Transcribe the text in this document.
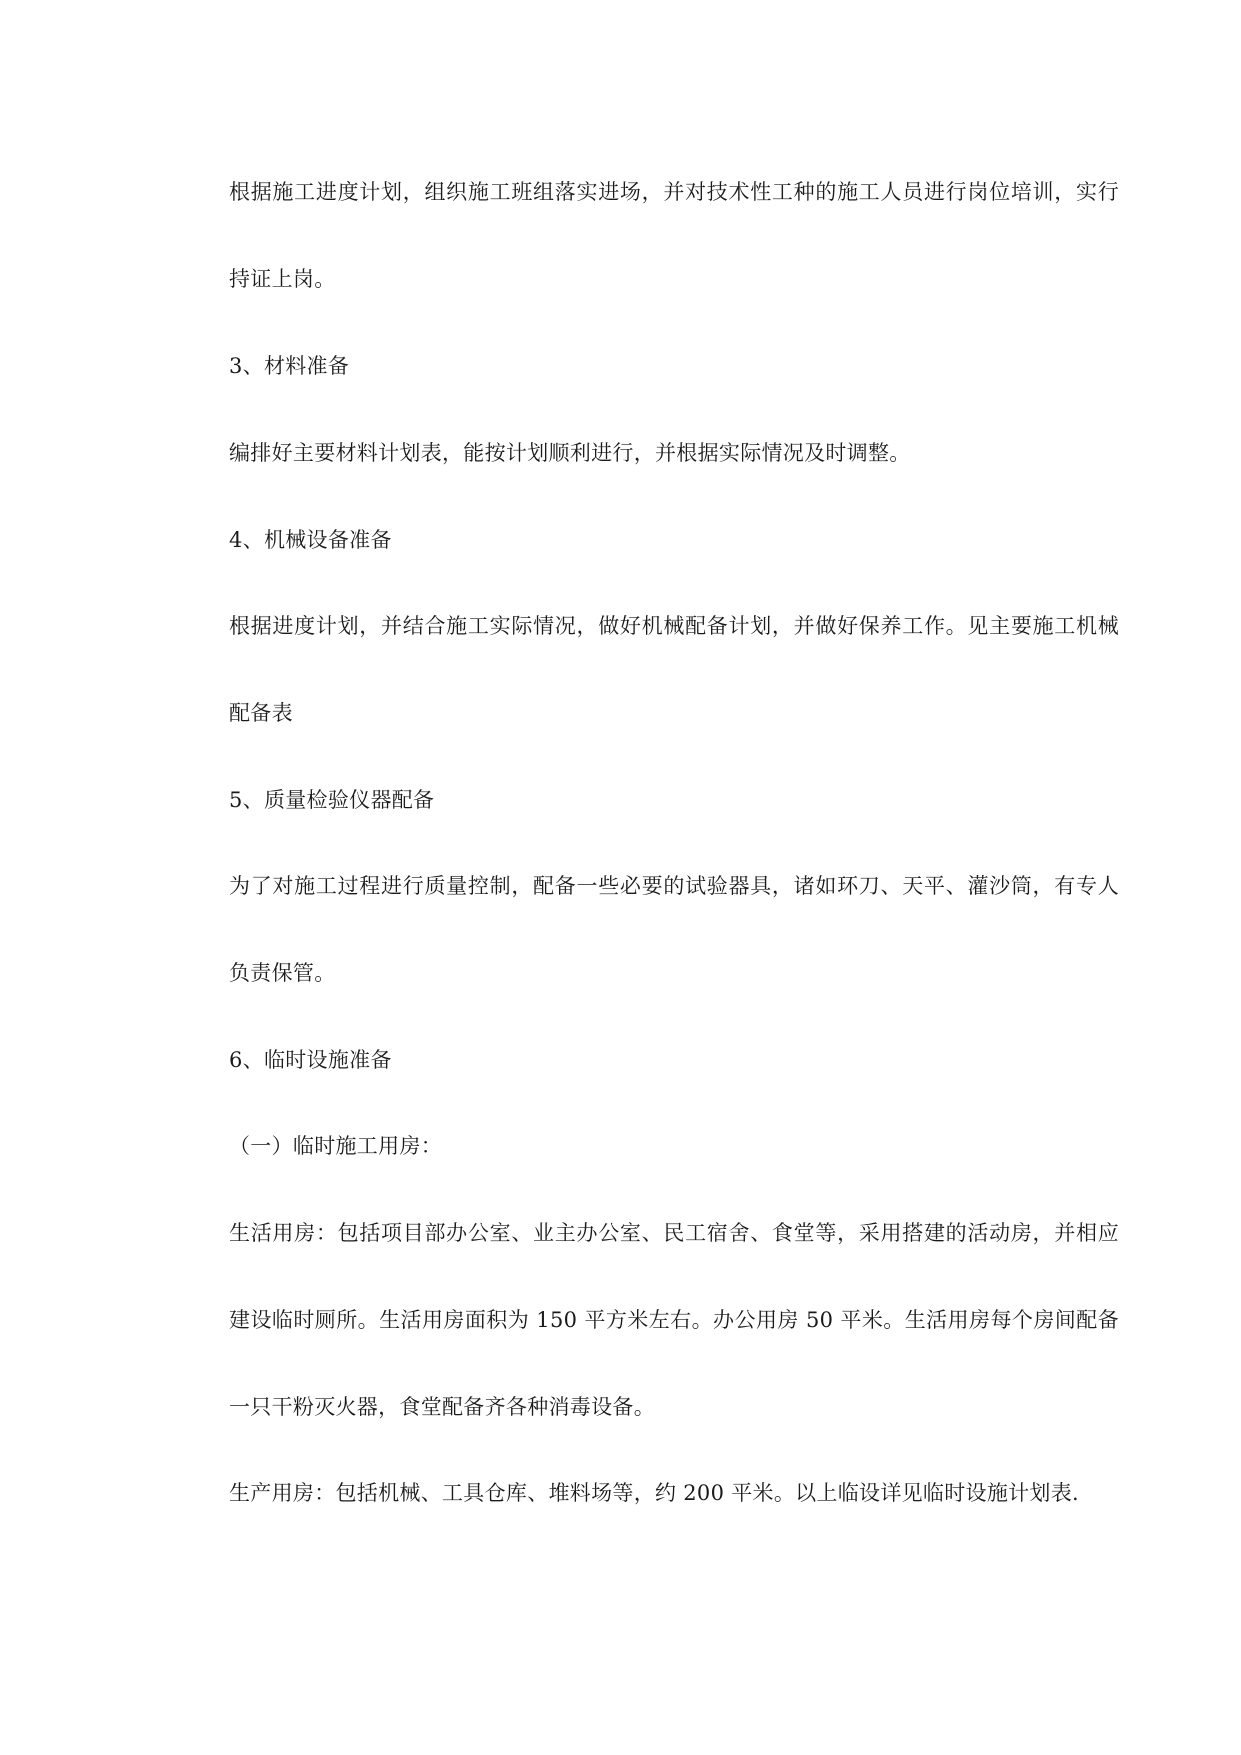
根据施工进度计划，组织施工班组落实进场，并对技术性工种的施工人员进行岗位培训，实行

持证上岗。

3、材料准备

编排好主要材料计划表，能按计划顺利进行，并根据实际情况及时调整。

4、机械设备准备

根据进度计划，并结合施工实际情况，做好机械配备计划，并做好保养工作。见主要施工机械

配备表

5、质量检验仪器配备

为了对施工过程进行质量控制，配备一些必要的试验器具，诸如环刀、天平、灌沙筒，有专人

负责保管。

6、临时设施准备

（一）临时施工用房：

生活用房：包括项目部办公室、业主办公室、民工宿舍、食堂等，采用搭建的活动房，并相应

建设临时厕所。生活用房面积为 150 平方米左右。办公用房 50 平米。生活用房每个房间配备

一只干粉灭火器，食堂配备齐各种消毒设备。

生产用房：包括机械、工具仓库、堆料场等，约 200 平米。以上临设详见临时设施计划表.
